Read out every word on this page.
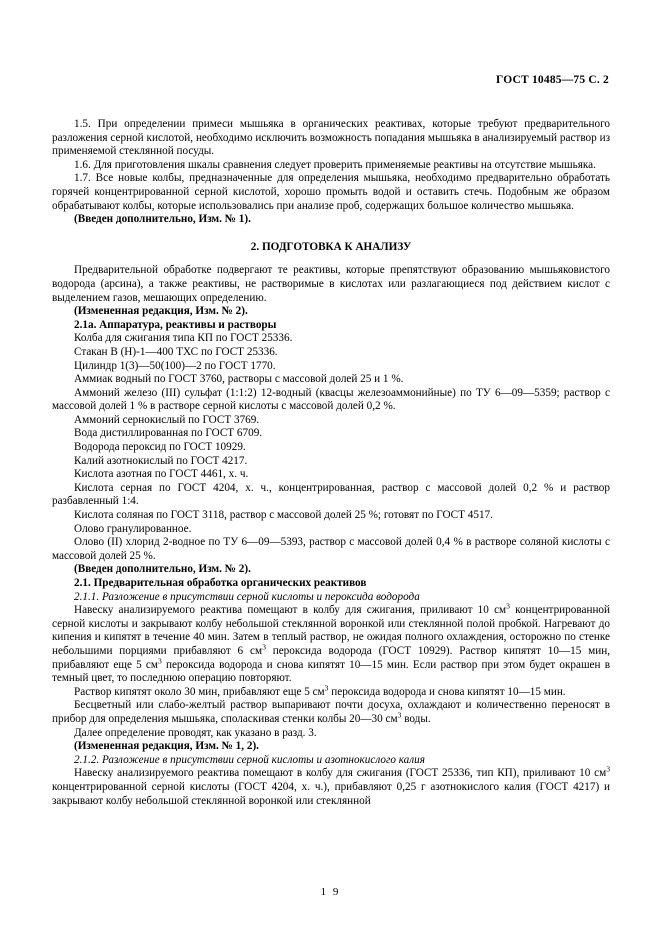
ГОСТ 10485—75 С. 2

1.5. При определении примеси мышьяка в органических реактивах, которые требуют предварительного разложения серной кислотой, необходимо исключить возможность попадания мышьяка в анализируемый раствор из применяемой стеклянной посуды.

1.6. Для приготовления шкалы сравнения следует проверить применяемые реактивы на отсутствие мышьяка.

1.7. Все новые колбы, предназначенные для определения мышьяка, необходимо предварительно обработать горячей концентрированной серной кислотой, хорошо промыть водой и оставить стечь. Подобным же образом обрабатывают колбы, которые использовались при анализе проб, содержащих большое количество мышьяка.

(Введен дополнительно, Изм. № 1).

2. ПОДГОТОВКА К АНАЛИЗУ

Предварительной обработке подвергают те реактивы, которые препятствуют образованию мышьяковистого водорода (арсина), а также реактивы, не растворимые в кислотах или разлагающиеся под действием кислот с выделением газов, мешающих определению.

(Измененная редакция, Изм. № 2).

2.1а. Аппаратура, реактивы и растворы

Колба для сжигания типа КП по ГОСТ 25336.

Стакан В (Н)-1—400 ТХС по ГОСТ 25336.

Цилиндр 1(3)—50(100)—2 по ГОСТ 1770.

Аммиак водный по ГОСТ 3760, растворы с массовой долей 25 и 1 %.

Аммоний железо (III) сульфат (1:1:2) 12-водный (квасцы железоаммонийные) по ТУ 6—09—5359; раствор с массовой долей 1 % в растворе серной кислоты с массовой долей 0,2 %.

Аммоний сернокислый по ГОСТ 3769.

Вода дистиллированная по ГОСТ 6709.

Водорода пероксид по ГОСТ 10929.

Калий азотнокислый по ГОСТ 4217.

Кислота азотная по ГОСТ 4461, х. ч.

Кислота серная по ГОСТ 4204, х. ч., концентрированная, раствор с массовой долей 0,2 % и раствор разбавленный 1:4.

Кислота соляная по ГОСТ 3118, раствор с массовой долей 25 %; готовят по ГОСТ 4517.

Олово гранулированное.

Олово (II) хлорид 2-водное по ТУ 6—09—5393, раствор с массовой долей 0,4 % в растворе соляной кислоты с массовой долей 25 %.

(Введен дополнительно, Изм. № 2).

2.1. Предварительная обработка органических реактивов

2.1.1. Разложение в присутствии серной кислоты и пероксида водорода

Навеску анализируемого реактива помещают в колбу для сжигания, приливают 10 $см^3$ концентрированной серной кислоты и закрывают колбу небольшой стеклянной воронкой или стеклянной полой пробкой. Нагревают до кипения и кипятят в течение 40 мин. Затем в теплый раствор, не ожидая полного охлаждения, осторожно по стенке небольшими порциями прибавляют 6 $см^3$ пероксида водорода (ГОСТ 10929). Раствор кипятят 10—15 мин, прибавляют еще 5 $см^3$ пероксида водорода и снова кипятят 10—15 мин. Если раствор при этом будет окрашен в темный цвет, то последнюю операцию повторяют.

Раствор кипятят около 30 мин, прибавляют еще 5 $см^3$ пероксида водорода и снова кипятят 10—15 мин.

Бесцветный или слабо-желтый раствор выпаривают почти досуха, охлаждают и количественно переносят в прибор для определения мышьяка, споласкивая стенки колбы 20—30 $см^3$ воды.

Далее определение проводят, как указано в разд. 3.

(Измененная редакция, Изм. № 1, 2).

2.1.2. Разложение в присутствии серной кислоты и азотнокислого калия

Навеску анализируемого реактива помещают в колбу для сжигания (ГОСТ 25336, тип КП), приливают 10 $см^3$ концентрированной серной кислоты (ГОСТ 4204, х. ч.), прибавляют 0,25 г азотнокислого калия (ГОСТ 4217) и закрывают колбу небольшой стеклянной воронкой или стеклянной

1 9
